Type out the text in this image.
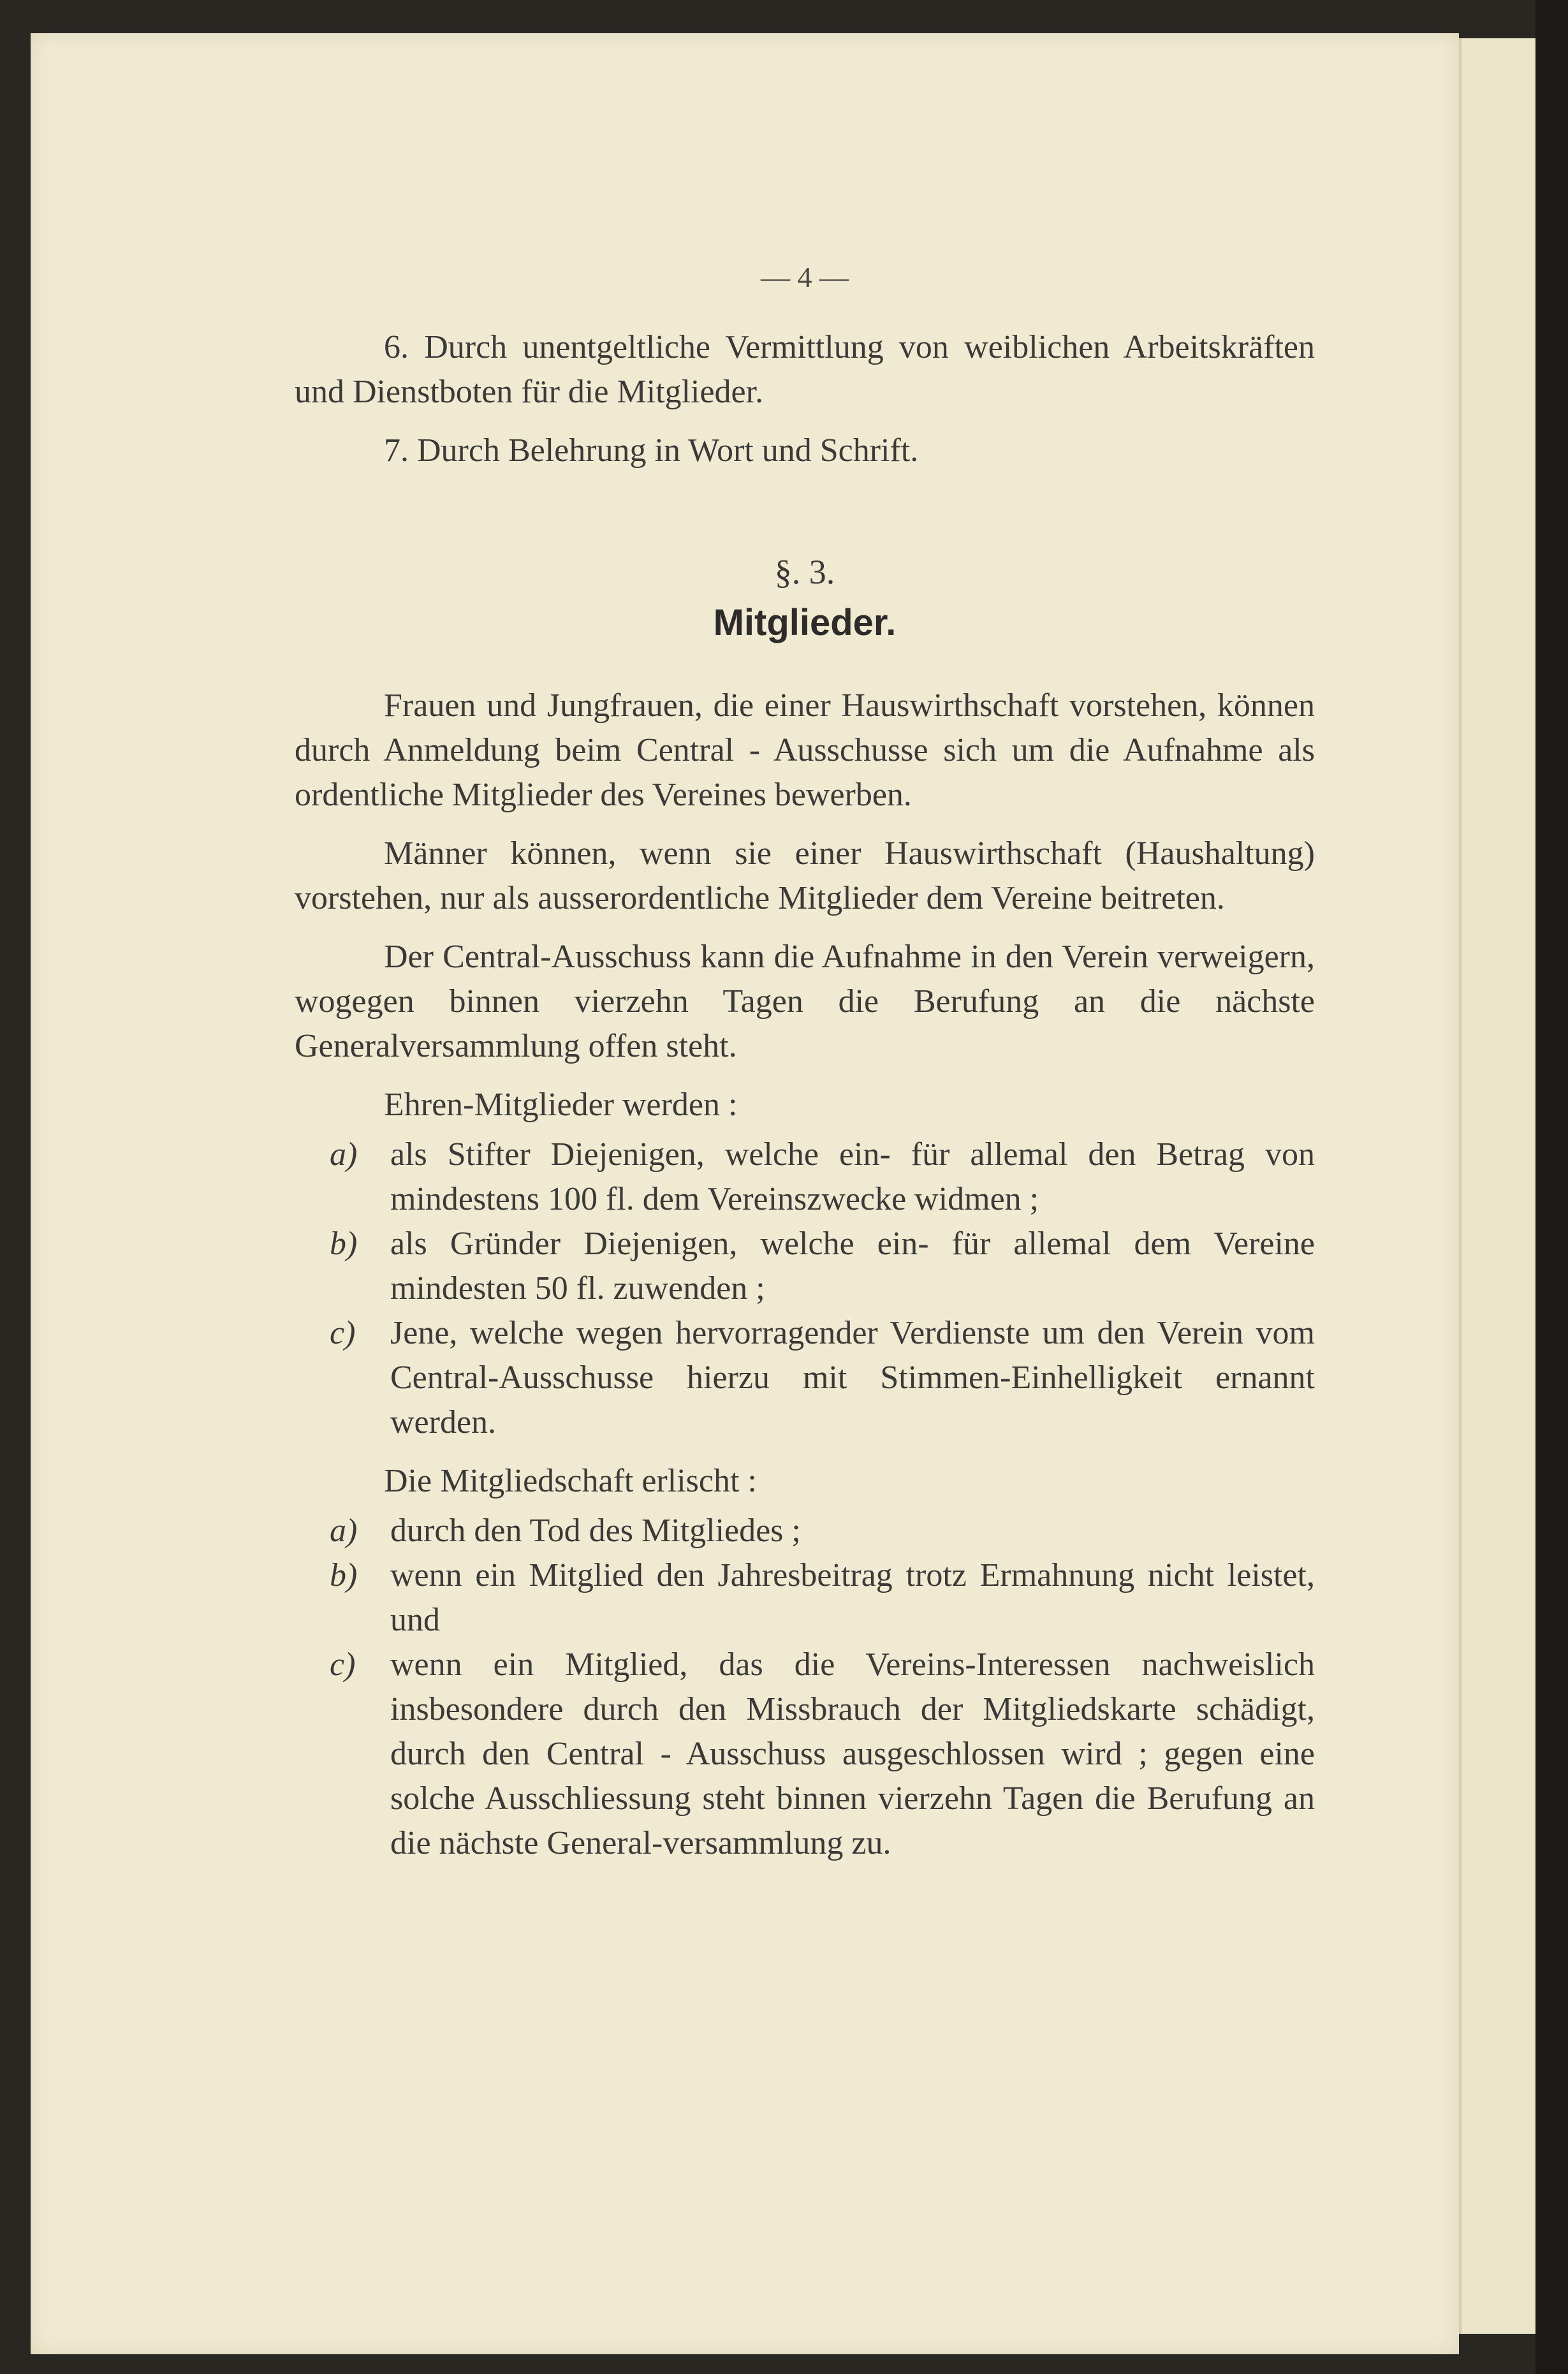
— 4 —

6. Durch unentgeltliche Vermittlung von weiblichen Arbeitskräften und Dienstboten für die Mitglieder.

7. Durch Belehrung in Wort und Schrift.

§. 3.
Mitglieder.

Frauen und Jungfrauen, die einer Hauswirthschaft vorstehen, können durch Anmeldung beim Central - Ausschusse sich um die Aufnahme als ordentliche Mitglieder des Vereines bewerben.

Männer können, wenn sie einer Hauswirthschaft (Haushaltung) vorstehen, nur als ausserordentliche Mitglieder dem Vereine beitreten.

Der Central-Ausschuss kann die Aufnahme in den Verein verweigern, wogegen binnen vierzehn Tagen die Berufung an die nächste Generalversammlung offen steht.

Ehren-Mitglieder werden :

a) als Stifter Diejenigen, welche ein- für allemal den Betrag von mindestens 100 fl. dem Vereinszwecke widmen ;
b) als Gründer Diejenigen, welche ein- für allemal dem Vereine mindesten 50 fl. zuwenden ;
c) Jene, welche wegen hervorragender Verdienste um den Verein vom Central-Ausschusse hierzu mit Stimmen-Einhelligkeit ernannt werden.

Die Mitgliedschaft erlischt :

a) durch den Tod des Mitgliedes ;
b) wenn ein Mitglied den Jahresbeitrag trotz Ermahnung nicht leistet, und
c) wenn ein Mitglied, das die Vereins-Interessen nachweislich insbesondere durch den Missbrauch der Mitgliedskarte schädigt, durch den Central - Ausschuss ausgeschlossen wird ; gegen eine solche Ausschliessung steht binnen vierzehn Tagen die Berufung an die nächste General-versammlung zu.
